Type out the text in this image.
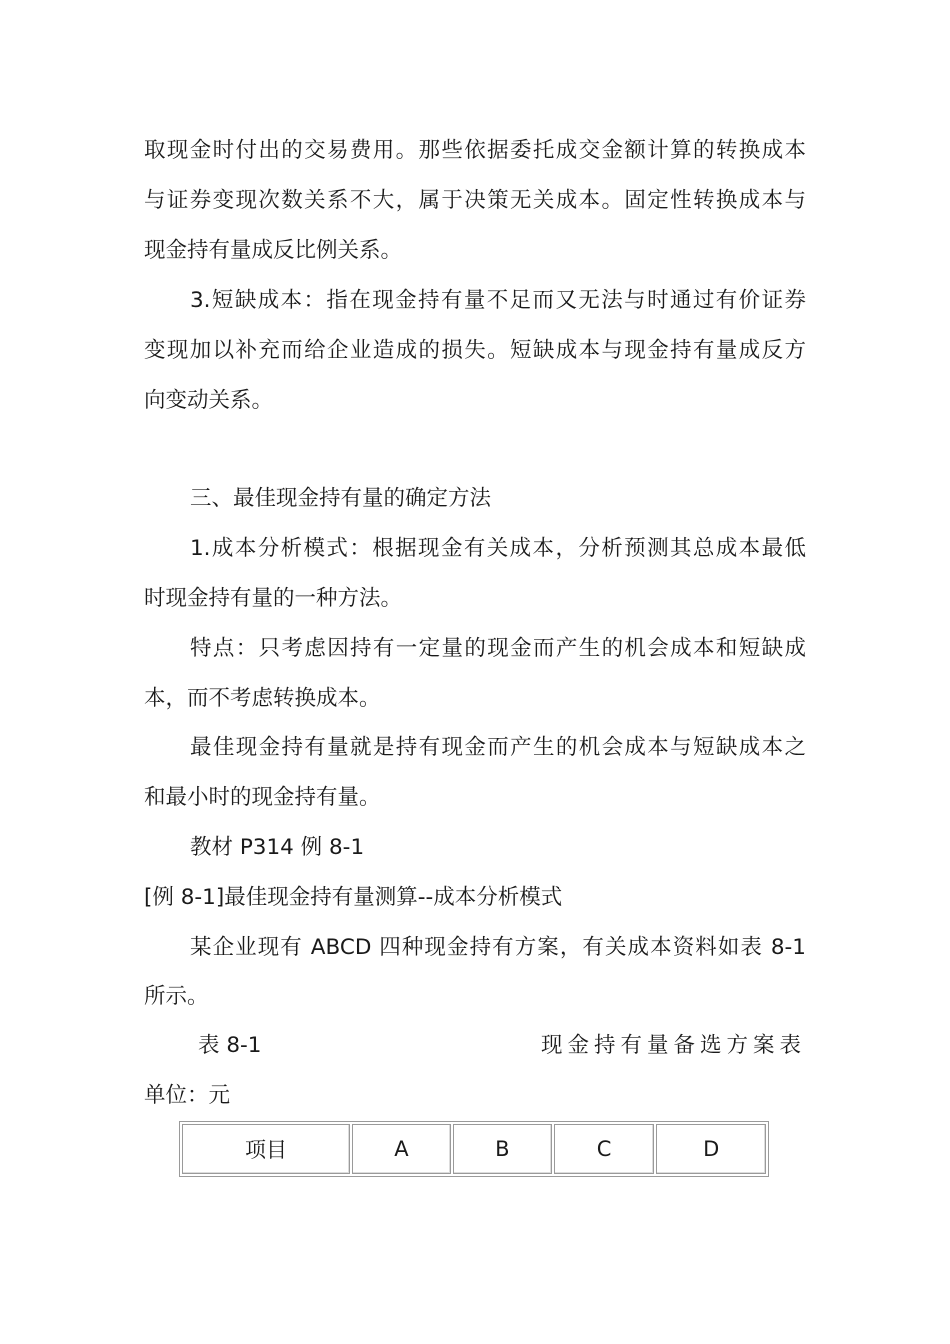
取现金时付出的交易费用。那些依据委托成交金额计算的转换成本
与证券变现次数关系不大，属于决策无关成本。固定性转换成本与
现金持有量成反比例关系。
3.短缺成本：指在现金持有量不足而又无法与时通过有价证券
变现加以补充而给企业造成的损失。短缺成本与现金持有量成反方
向变动关系。
三、最佳现金持有量的确定方法
1.成本分析模式：根据现金有关成本，分析预测其总成本最低
时现金持有量的一种方法。
特点：只考虑因持有一定量的现金而产生的机会成本和短缺成
本，而不考虑转换成本。
最佳现金持有量就是持有现金而产生的机会成本与短缺成本之
和最小时的现金持有量。
教材 P314 例 8-1
[例 8-1]最佳现金持有量测算--成本分析模式
某企业现有 ABCD 四种现金持有方案，有关成本资料如表 8-1
所示。
表 8-1	现金持有量备选方案表
单位：元
项目	A	B	C	D
